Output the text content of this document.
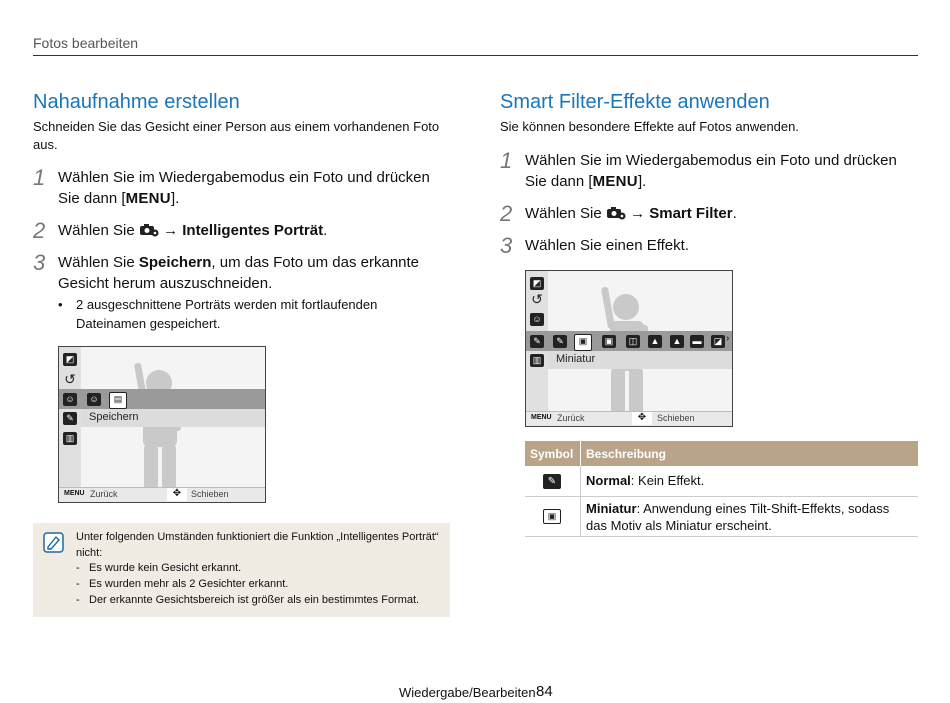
Fotos bearbeiten
Nahaufnahme erstellen
Schneiden Sie das Gesicht einer Person aus einem vorhandenen Foto aus.
1 Wählen Sie im Wiedergabemodus ein Foto und drücken Sie dann [MENU].
2 Wählen Sie → Intelligentes Porträt.
3 Wählen Sie Speichern, um das Foto um das erkannte Gesicht herum auszuschneiden.
• 2 ausgeschnittene Porträts werden mit fortlaufenden Dateinamen gespeichert.
◩
↺
☺ ☺	▤
Speichern
✎
▥
MENU Zurück	✥	Schieben
Unter folgenden Umständen funktioniert die Funktion „Intelligentes Porträt“ nicht:
- Es wurde kein Gesicht erkannt.
- Es wurden mehr als 2 Gesichter erkannt.
- Der erkannte Gesichtsbereich ist größer als ein bestimmtes Format.
Smart Filter-Effekte anwenden
Sie können besondere Effekte auf Fotos anwenden.
1 Wählen Sie im Wiedergabemodus ein Foto und drücken Sie dann [MENU].
2 Wählen Sie → Smart Filter.
3 Wählen Sie einen Effekt.
◩
↺
☺
✎	✎	▣	▣	◫	▲ ▲ ▬	◪ ›
Miniatur
▥
MENU Zurück	✥	Schieben
Symbol Beschreibung
✎	Normal: Kein Effekt.
▣	Miniatur: Anwendung eines Tilt-Shift-Effekts, sodass das Motiv als Miniatur erscheint.
Wiedergabe/Bearbeiten 84
